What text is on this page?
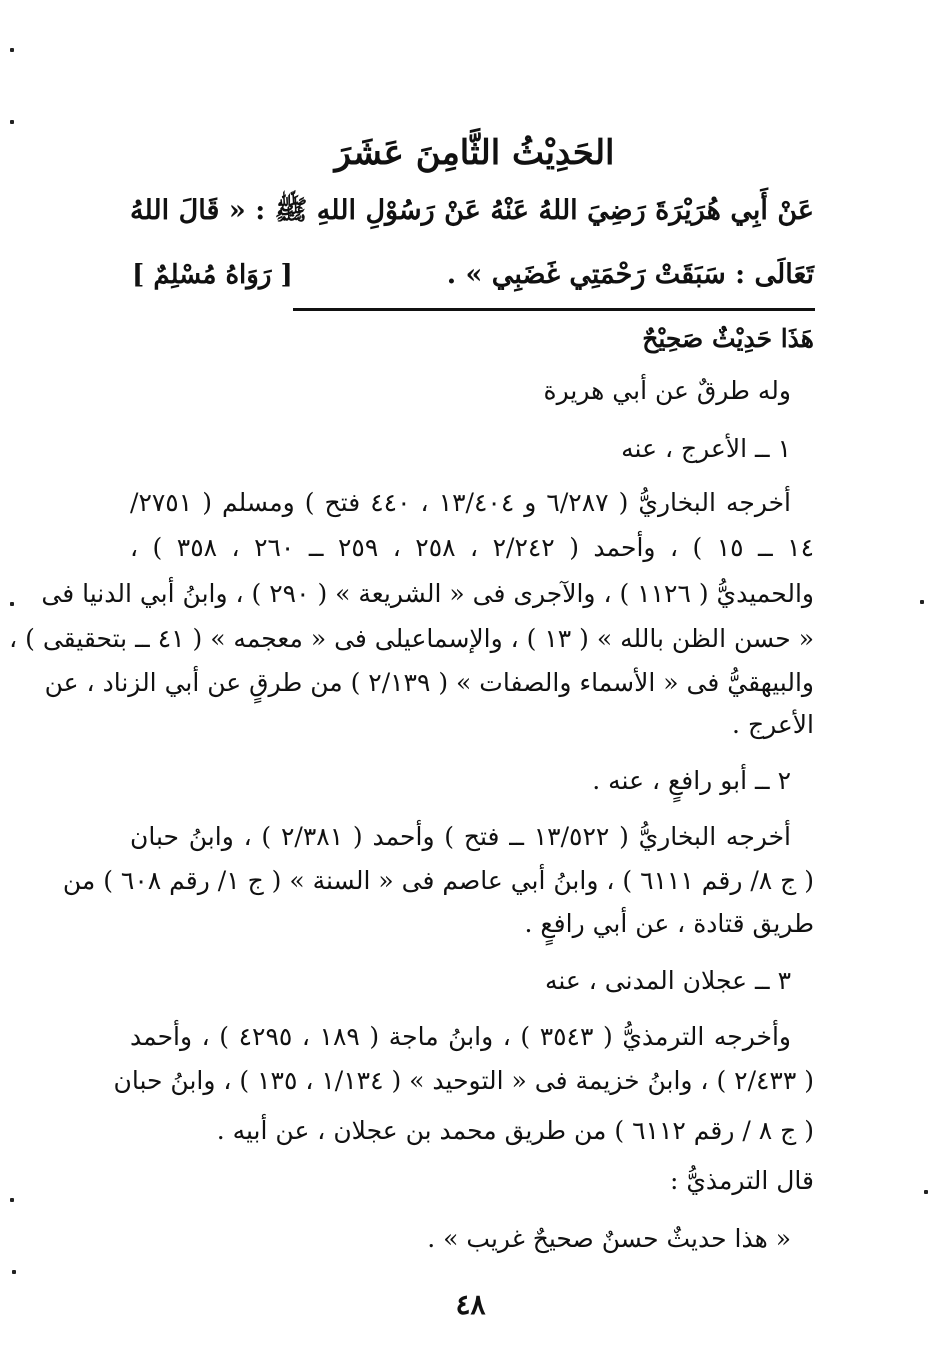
الحَدِيْثُ الثَّامِنَ عَشَرَ
عَنْ أَبِي هُرَيْرَةَ رَضِيَ اللهُ عَنْهُ عَنْ رَسُوْلِ اللهِ ﷺ : « قَالَ اللهُ
تَعَالَى : سَبَقَتْ رَحْمَتِي غَضَبِي » .
[ رَوَاهُ مُسْلِمٌ ]
هَذَا حَدِيْثٌ صَحِيْحٌ
وله طرقٌ عن أبي هريرة
١ ــ الأعرج ، عنه
أخرجه البخاريُّ ( ٦/٢٨٧ و ١٣/٤٠٤ ، ٤٤٠ فتح ) ومسلم ( ٢٧٥١/
١٤ ــ ١٥ ) ، وأحمد ( ٢/٢٤٢ ، ٢٥٨ ، ٢٥٩ ــ ٢٦٠ ، ٣٥٨ ) ،
والحميديُّ ( ١١٢٦ ) ، والآجرى فى « الشريعة » ( ٢٩٠ ) ، وابنُ أبي الدنيا فى
« حسن الظن بالله » ( ١٣ ) ، والإسماعيلى فى « معجمه » ( ٤١ ــ بتحقيقى ) ،
والبيهقيُّ فى « الأسماء والصفات » ( ٢/١٣٩ ) من طرقٍ عن أبي الزناد ، عن
الأعرج .
٢ ــ أبو رافعٍ ، عنه .
أخرجه البخاريُّ ( ١٣/٥٢٢ ــ فتح ) وأحمد ( ٢/٣٨١ ) ، وابنُ حبان
( ج ٨/ رقم ٦١١١ ) ، وابنُ أبي عاصم فى « السنة » ( ج ١/ رقم ٦٠٨ ) من
طريق قتادة ، عن أبي رافعٍ .
٣ ــ عجلان المدنى ، عنه
وأخرجه الترمذيُّ ( ٣٥٤٣ ) ، وابنُ ماجة ( ١٨٩ ، ٤٢٩٥ ) ، وأحمد
( ٢/٤٣٣ ) ، وابنُ خزيمة فى « التوحيد » ( ١/١٣٤ ، ١٣٥ ) ، وابنُ حبان
( ج ٨ / رقم ٦١١٢ ) من طريق محمد بن عجلان ، عن أبيه .
قال الترمذيُّ :
« هذا حديثٌ حسنٌ صحيحٌ غريب » .
٤٨
